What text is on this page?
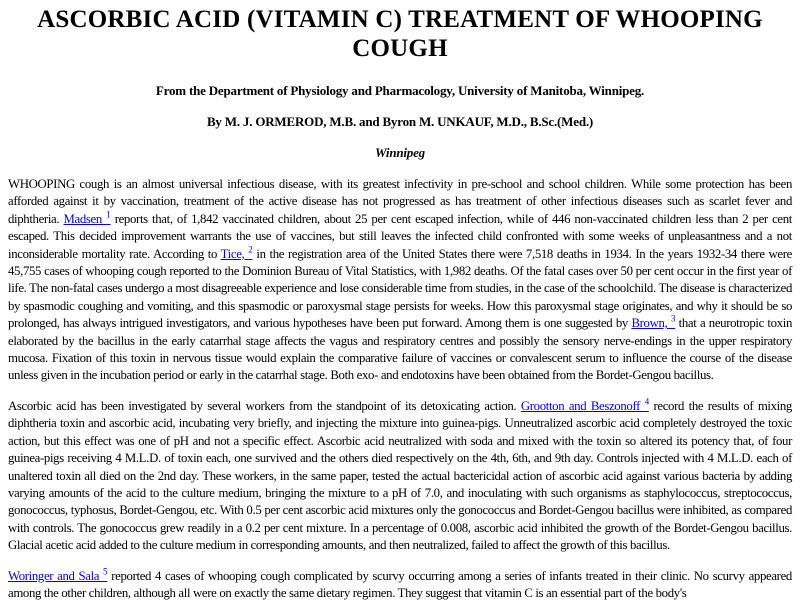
ASCORBIC ACID (VITAMIN C) TREATMENT OF WHOOPING COUGH

From the Department of Physiology and Pharmacology, University of Manitoba, Winnipeg.

By M. J. ORMEROD, M.B. and Byron M. UNKAUF, M.D., B.Sc.(Med.)

Winnipeg

WHOOPING cough is an almost universal infectious disease, with its greatest infectivity in pre-school and school children. While some protection has been afforded against it by vaccination, treatment of the active disease has not progressed as has treatment of other infectious diseases such as scarlet fever and diphtheria. Madsen $^1$ reports that, of 1,842 vaccinated children, about 25 per cent escaped infection, while of 446 non-vaccinated children less than 2 per cent escaped. This decided improvement warrants the use of vaccines, but still leaves the infected child confronted with some weeks of unpleasantness and a not inconsiderable mortality rate. According to Tice, $^2$ in the registration area of the United States there were 7,518 deaths in 1934. In the years 1932-34 there were 45,755 cases of whooping cough reported to the Dominion Bureau of Vital Statistics, with 1,982 deaths. Of the fatal cases over 50 per cent occur in the first year of life. The non-fatal cases undergo a most disagreeable experience and lose considerable time from studies, in the case of the schoolchild. The disease is characterized by spasmodic coughing and vomiting, and this spasmodic or paroxysmal stage persists for weeks. How this paroxysmal stage originates, and why it should be so prolonged, has always intrigued investigators, and various hypotheses have been put forward. Among them is one suggested by Brown, $^3$ that a neurotropic toxin elaborated by the bacillus in the early catarrhal stage affects the vagus and respiratory centres and possibly the sensory nerve-endings in the upper respiratory mucosa. Fixation of this toxin in nervous tissue would explain the comparative failure of vaccines or convalescent serum to influence the course of the disease unless given in the incubation period or early in the catarrhal stage. Both exo- and endotoxins have been obtained from the Bordet-Gengou bacillus.

Ascorbic acid has been investigated by several workers from the standpoint of its detoxicating action. Grootton and Beszonoff $^4$ record the results of mixing diphtheria toxin and ascorbic acid, incubating very briefly, and injecting the mixture into guinea-pigs. Unneutralized ascorbic acid completely destroyed the toxic action, but this effect was one of pH and not a specific effect. Ascorbic acid neutralized with soda and mixed with the toxin so altered its potency that, of four guinea-pigs receiving 4 M.L.D. of toxin each, one survived and the others died respectively on the 4th, 6th, and 9th day. Controls injected with 4 M.L.D. each of unaltered toxin all died on the 2nd day. These workers, in the same paper, tested the actual bactericidal action of ascorbic acid against various bacteria by adding varying amounts of the acid to the culture medium, bringing the mixture to a pH of 7.0, and inoculating with such organisms as staphylococcus, streptococcus, gonococcus, typhosus, Bordet-Gengou, etc. With 0.5 per cent ascorbic acid mixtures only the gonococcus and Bordet-Gengou bacillus were inhibited, as compared with controls. The gonococcus grew readily in a 0.2 per cent mixture. In a percentage of 0.008, ascorbic acid inhibited the growth of the Bordet-Gengou bacillus. Glacial acetic acid added to the culture medium in corresponding amounts, and then neutralized, failed to affect the growth of this bacillus.

Woringer and Sala $^5$ reported 4 cases of whooping cough complicated by scurvy occurring among a series of infants treated in their clinic. No scurvy appeared among the other children, although all were on exactly the same dietary regimen. They suggest that vitamin C is an essential part of the body's
